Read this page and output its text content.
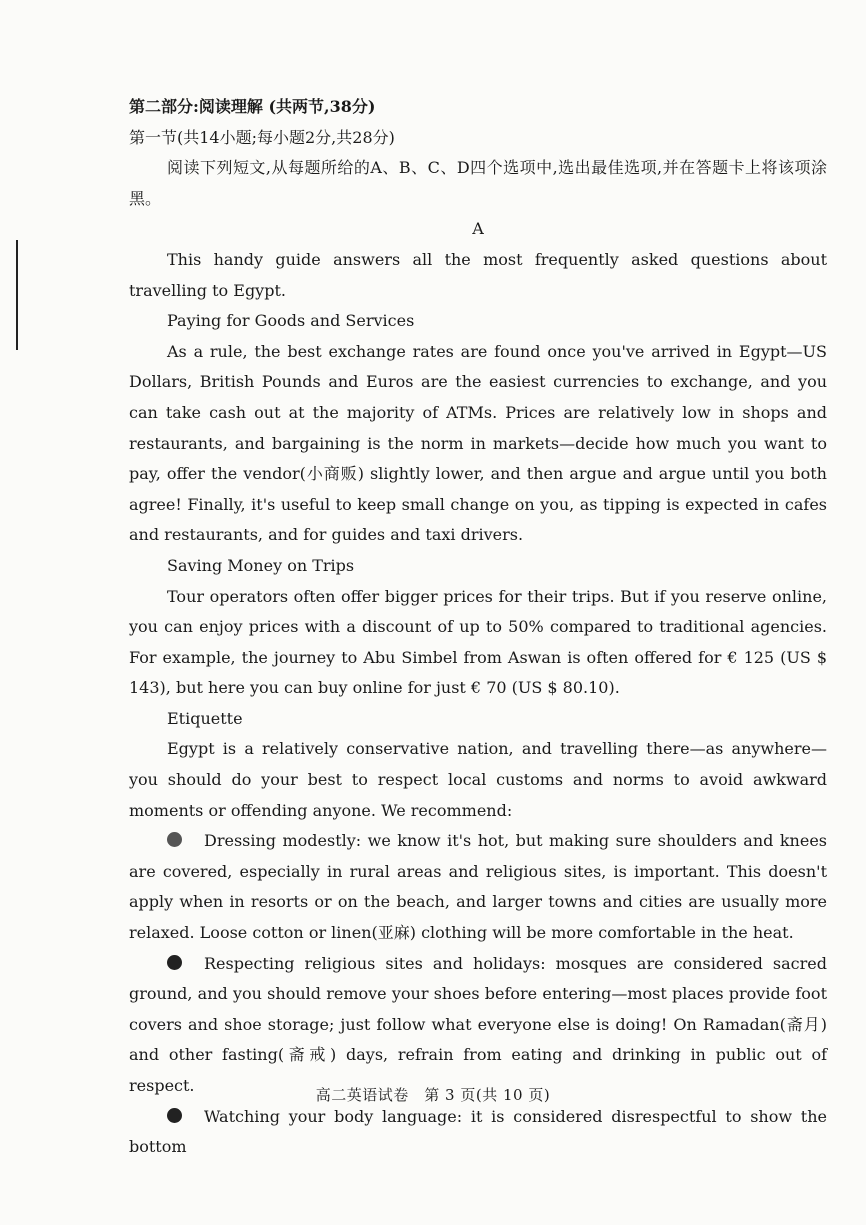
第二部分:阅读理解 (共两节,38分)

第一节(共14小题;每小题2分,共28分)

阅读下列短文,从每题所给的A、B、C、D四个选项中,选出最佳选项,并在答题卡上将该项涂黑。

A

This handy guide answers all the most frequently asked questions about travelling to Egypt.

Paying for Goods and Services

As a rule, the best exchange rates are found once you've arrived in Egypt—US Dollars, British Pounds and Euros are the easiest currencies to exchange, and you can take cash out at the majority of ATMs. Prices are relatively low in shops and restaurants, and bargaining is the norm in markets—decide how much you want to pay, offer the vendor(小商贩) slightly lower, and then argue and argue until you both agree! Finally, it's useful to keep small change on you, as tipping is expected in cafes and restaurants, and for guides and taxi drivers.

Saving Money on Trips

Tour operators often offer bigger prices for their trips. But if you reserve online, you can enjoy prices with a discount of up to 50% compared to traditional agencies. For example, the journey to Abu Simbel from Aswan is often offered for € 125 (US $ 143), but here you can buy online for just € 70 (US $ 80.10).

Etiquette

Egypt is a relatively conservative nation, and travelling there—as anywhere—you should do your best to respect local customs and norms to avoid awkward moments or offending anyone. We recommend:

Dressing modestly: we know it's hot, but making sure shoulders and knees are covered, especially in rural areas and religious sites, is important. This doesn't apply when in resorts or on the beach, and larger towns and cities are usually more relaxed. Loose cotton or linen(亚麻) clothing will be more comfortable in the heat.

Respecting religious sites and holidays: mosques are considered sacred ground, and you should remove your shoes before entering—most places provide foot covers and shoe storage; just follow what everyone else is doing! On Ramadan(斋月) and other fasting(斋戒) days, refrain from eating and drinking in public out of respect.

Watching your body language: it is considered disrespectful to show the bottom

高二英语试卷　第 3 页(共 10 页)
